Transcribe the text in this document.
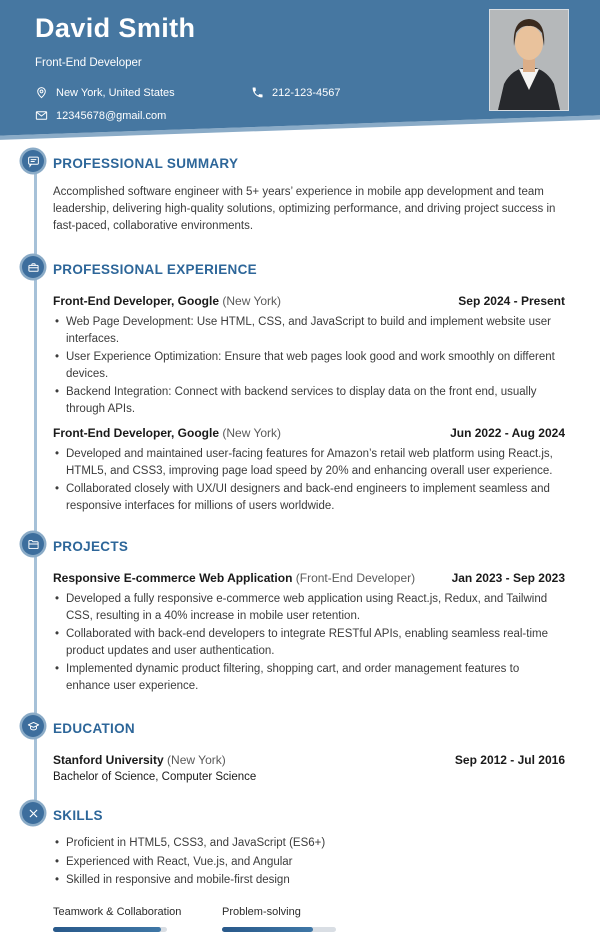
David Smith
Front-End Developer
New York, United States	212-123-4567
12345678@gmail.com
PROFESSIONAL SUMMARY

Accomplished software engineer with 5+ years’ experience in mobile app development and team leadership, delivering high-quality solutions, optimizing performance, and driving project success in fast-paced, collaborative environments.

PROFESSIONAL EXPERIENCE
Front-End Developer, Google (New York)	Sep 2024 - Present
• Web Page Development: Use HTML, CSS, and JavaScript to build and implement website user interfaces.
• User Experience Optimization: Ensure that web pages look good and work smoothly on different devices.
• Backend Integration: Connect with backend services to display data on the front end, usually through APIs.
Front-End Developer, Google (New York)	Jun 2022 - Aug 2024
• Developed and maintained user-facing features for Amazon’s retail web platform using React.js, HTML5, and CSS3, improving page load speed by 20% and enhancing overall user experience.
• Collaborated closely with UX/UI designers and back-end engineers to implement seamless and responsive interfaces for millions of users worldwide.
PROJECTS
Responsive E-commerce Web Application (Front-End Developer)	Jan 2023 - Sep 2023
• Developed a fully responsive e-commerce web application using React.js, Redux, and Tailwind CSS, resulting in a 40% increase in mobile user retention.
• Collaborated with back-end developers to integrate RESTful APIs, enabling seamless real-time product updates and user authentication.
• Implemented dynamic product filtering, shopping cart, and order management features to enhance user experience.
EDUCATION
Stanford University (New York)	Sep 2012 - Jul 2016
Bachelor of Science, Computer Science
SKILLS
• Proficient in HTML5, CSS3, and JavaScript (ES6+)
• Experienced with React, Vue.js, and Angular
• Skilled in responsive and mobile-first design
Teamwork & Collaboration	Problem-solving
